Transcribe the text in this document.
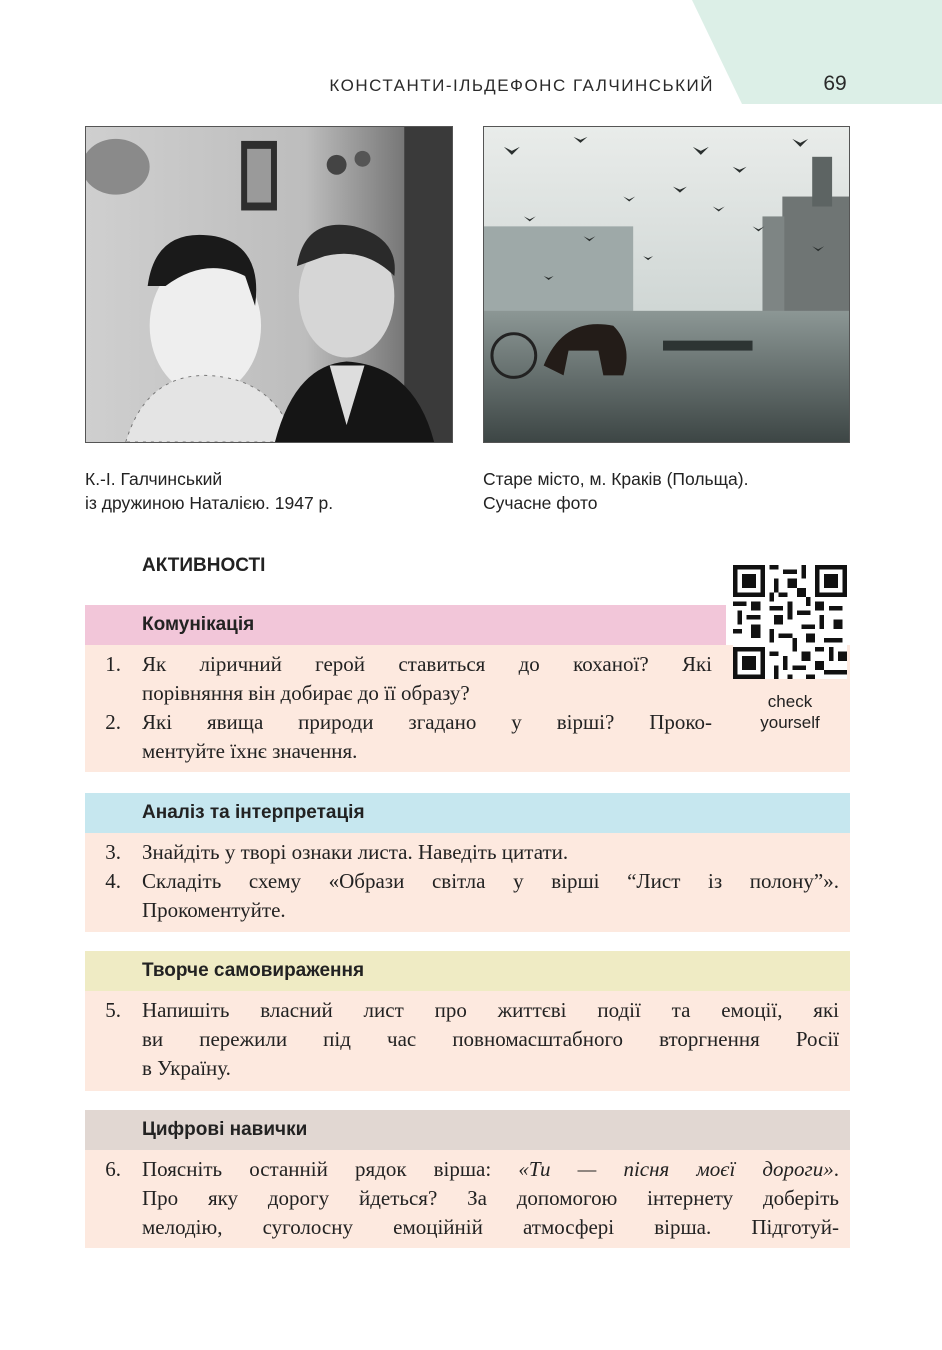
КОНСТАНТИ-ІЛЬДЕФОНС ГАЛЧИНСЬКИЙ	69
К.-І. Галчинський
із дружиною Наталією. 1947 р.
Старе місто, м. Краків (Польща).
Сучасне фото
АКТИВНОСТІ
Комунікація
1. Як ліричний герой ставиться до коханої? Які
порівняння він добирає до її образу?
2. Які явища природи згадано у вірші? Проко-
ментуйте їхнє значення.
check
yourself
Аналіз та інтерпретація
3. Знайдіть у творі ознаки листа. Наведіть цитати.
4. Складіть схему «Образи світла у вірші “Лист із полону”».
Прокоментуйте.
Творче самовираження
5. Напишіть власний лист про життєві події та емоції, які
ви пережили під час повномасштабного вторгнення Росії
в Україну.
Цифрові навички
6. Поясніть останній рядок вірша: «Ти — пісня моєї дороги».
Про яку дорогу йдеться? За допомогою інтернету доберіть
мелодію, суголосну емоційній атмосфері вірша. Підготуй-
